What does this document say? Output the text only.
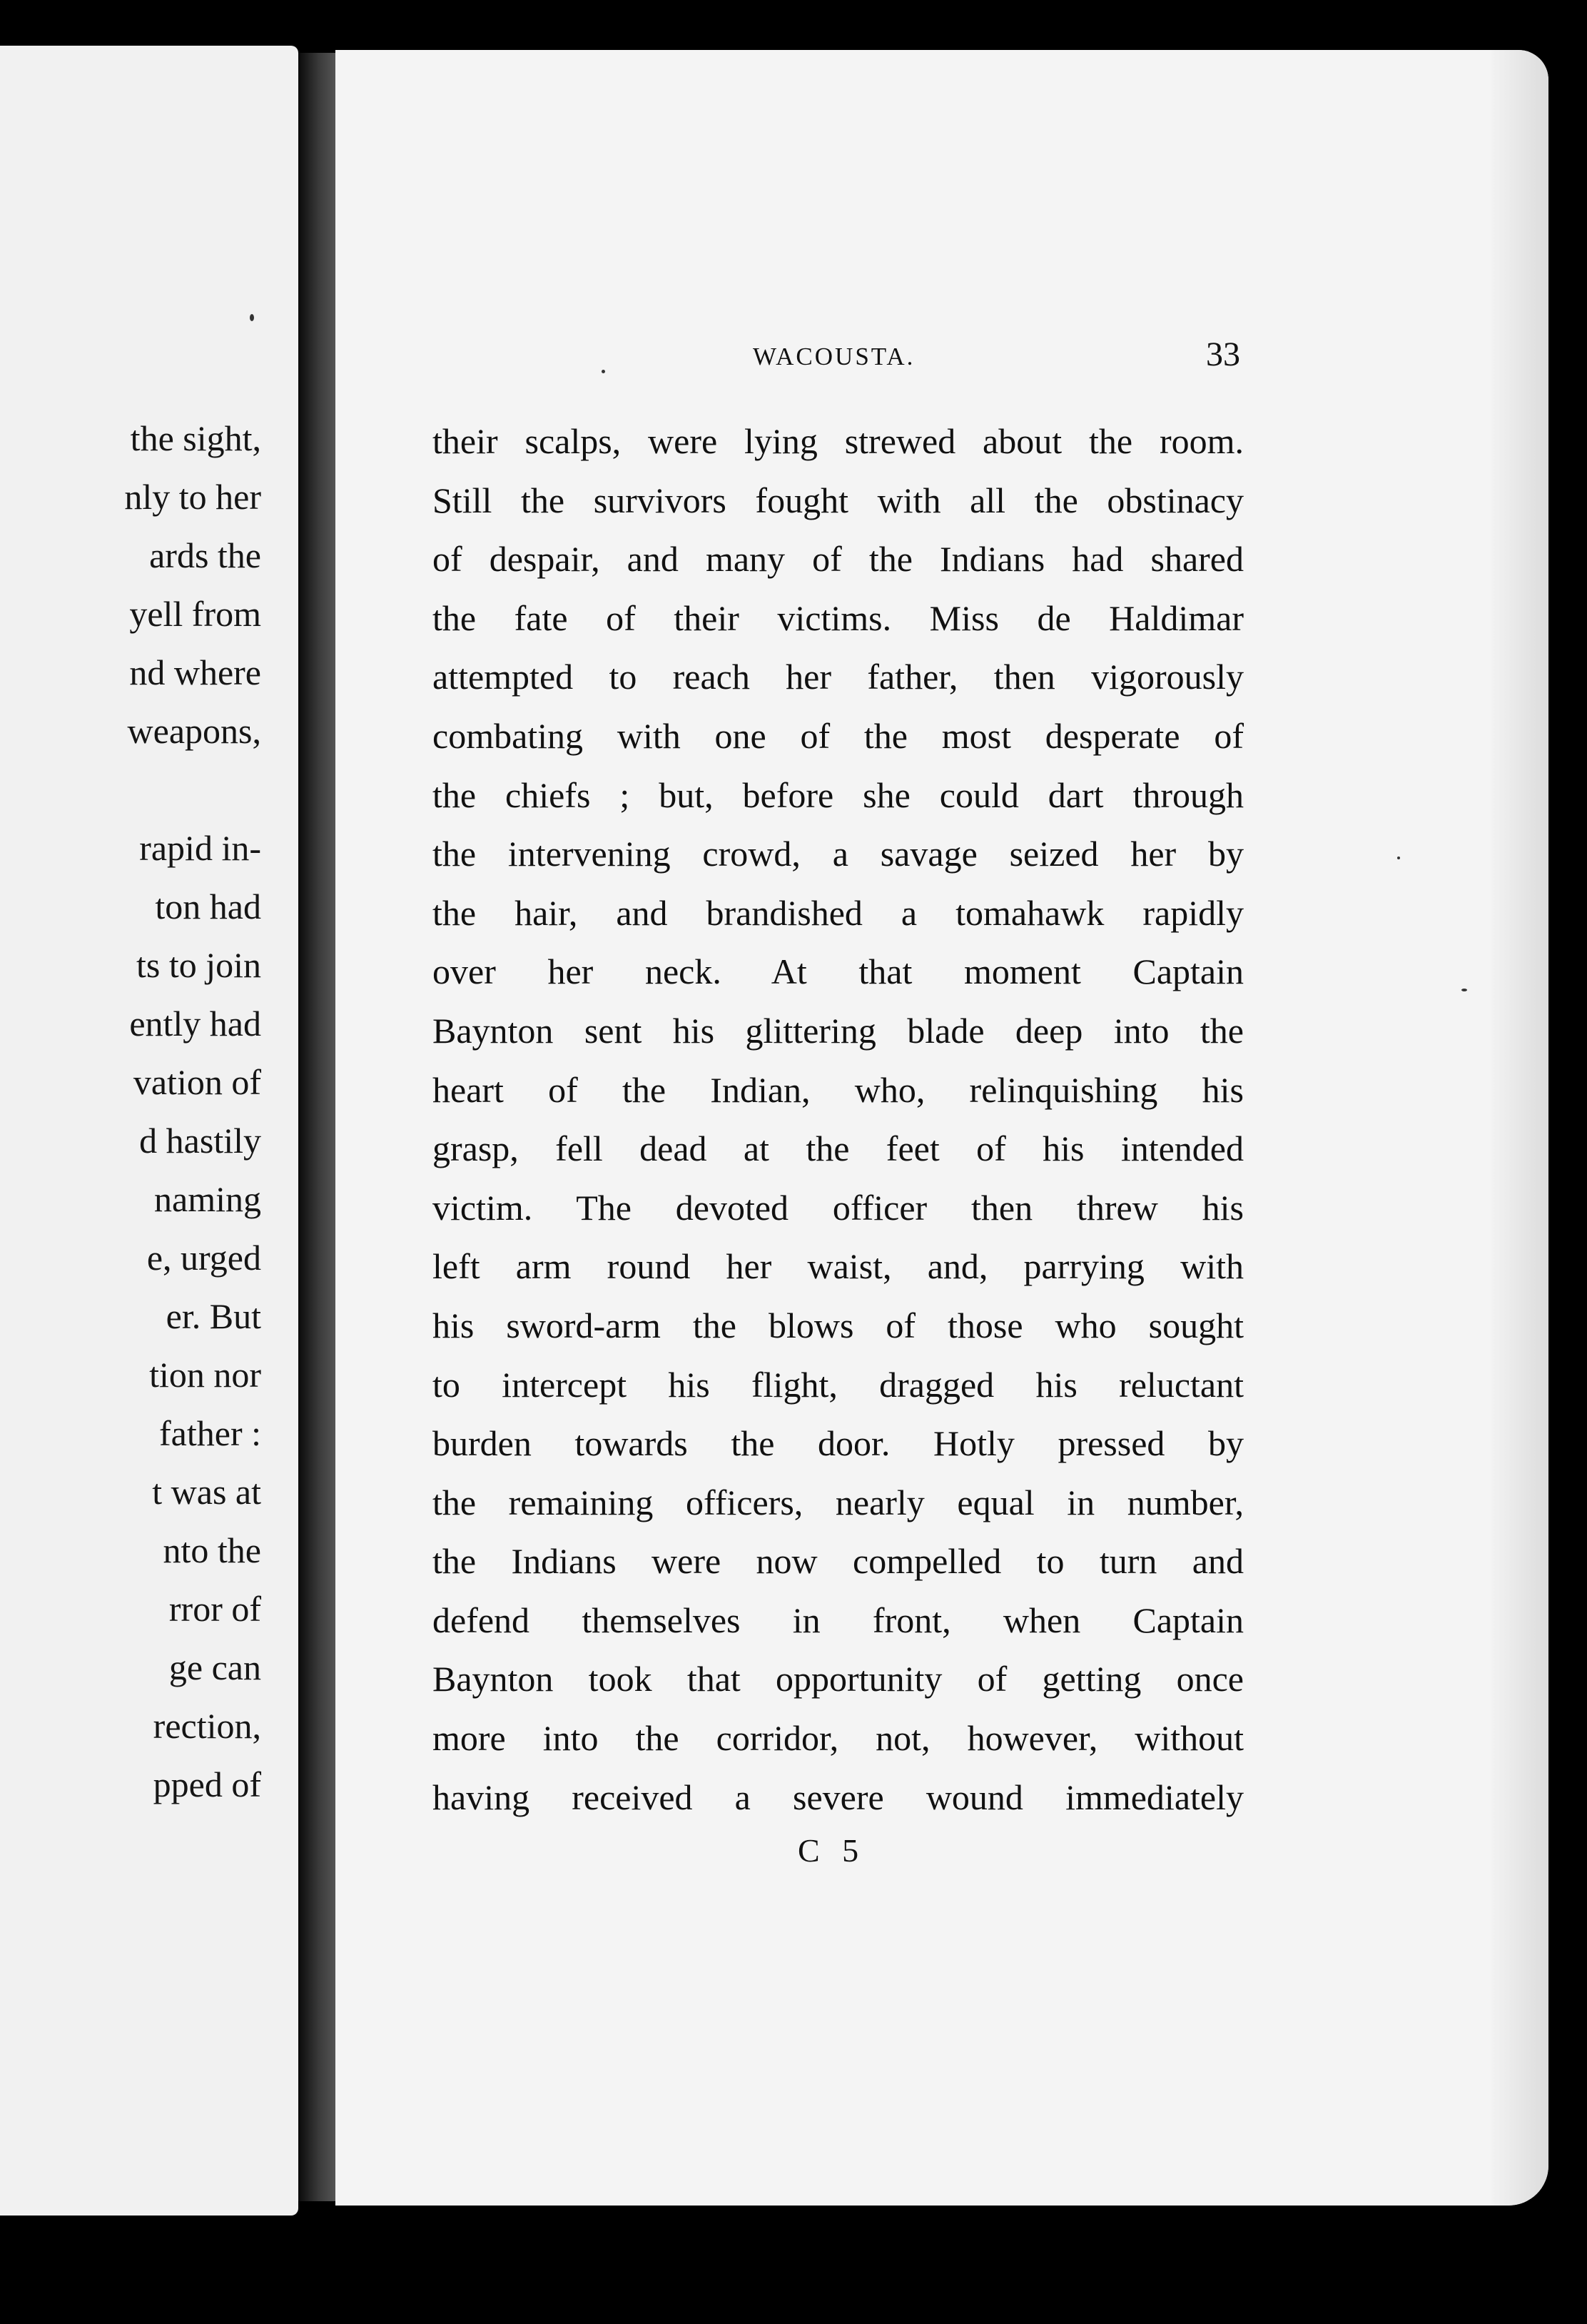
the sight,
nly to her
ards the
yell from
nd where
weapons,
rapid in-
ton had
ts to join
ently had
vation of
d hastily
naming
e, urged
er. But
tion nor
father :
t was at
nto the
rror of
ge can
rection,
pped of
WACOUSTA.	33
their scalps, were lying strewed about the room.
Still the survivors fought with all the obstinacy
of despair, and many of the Indians had shared
the fate of their victims. Miss de Haldimar
attempted to reach her father, then vigorously
combating with one of the most desperate of
the chiefs ; but, before she could dart through
the intervening crowd, a savage seized her by
the hair, and brandished a tomahawk rapidly
over her neck. At that moment Captain
Baynton sent his glittering blade deep into the
heart of the Indian, who, relinquishing his
grasp, fell dead at the feet of his intended
victim. The devoted officer then threw his
left arm round her waist, and, parrying with
his sword-arm the blows of those who sought
to intercept his flight, dragged his reluctant
burden towards the door. Hotly pressed by
the remaining officers, nearly equal in number,
the Indians were now compelled to turn and
defend themselves in front, when Captain
Baynton took that opportunity of getting once
more into the corridor, not, however, without
having received a severe wound immediately
C 5
